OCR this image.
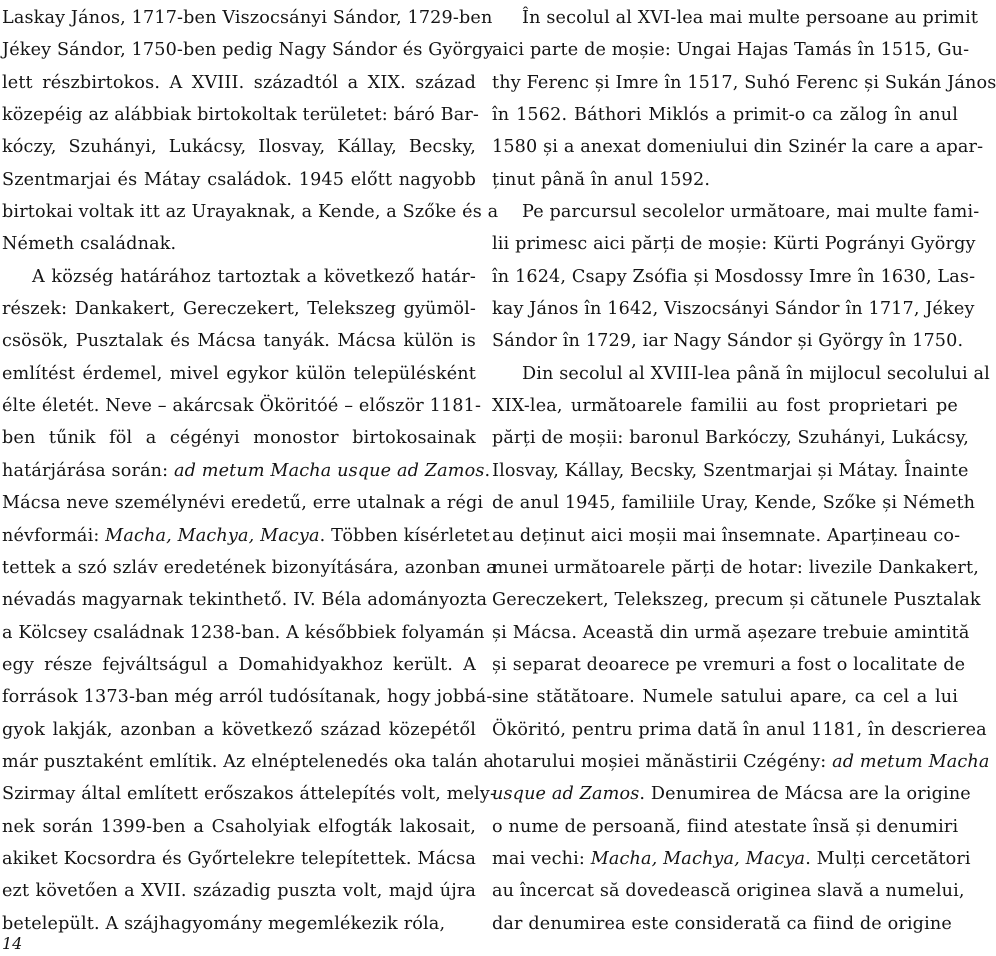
Laskay János, 1717-ben Viszocsányi Sándor, 1729-ben
Jékey Sándor, 1750-ben pedig Nagy Sándor és György
lett részbirtokos. A XVIII. századtól a XIX. század
közepéig az alábbiak birtokoltak területet: báró Bar-
kóczy, Szuhányi, Lukácsy, Ilosvay, Kállay, Becsky,
Szentmarjai és Mátay családok. 1945 előtt nagyobb
birtokai voltak itt az Urayaknak, a Kende, a Szőke és a
Németh családnak.
A község határához tartoztak a következő határ-
részek: Dankakert, Gereczekert, Telekszeg gyümöl-
csösök, Pusztalak és Mácsa tanyák. Mácsa külön is
említést érdemel, mivel egykor külön településként
élte életét. Neve – akárcsak Ököritóé – először 1181-
ben tűnik föl a cégényi monostor birtokosainak
határjárása során: ad metum Macha usque ad Zamos.
Mácsa neve személynévi eredetű, erre utalnak a régi
névformái: Macha, Machya, Macya. Többen kísérletet
tettek a szó szláv eredetének bizonyítására, azonban a
névadás magyarnak tekinthető. IV. Béla adományozta
a Kölcsey családnak 1238-ban. A későbbiek folyamán
egy része fejváltságul a Domahidyakhoz került. A
források 1373-ban még arról tudósítanak, hogy jobbá-
gyok lakják, azonban a következő század közepétől
már pusztaként említik. Az elnéptelenedés oka talán a
Szirmay által említett erőszakos áttelepítés volt, mely-
nek során 1399-ben a Csaholyiak elfogták lakosait,
akiket Kocsordra és Győrtelekre telepítettek. Mácsa
ezt követően a XVII. századig puszta volt, majd újra
betelepült. A szájhagyomány megemlékezik róla,
În secolul al XVI-lea mai multe persoane au primit
aici parte de moșie: Ungai Hajas Tamás în 1515, Gu-
thy Ferenc și Imre în 1517, Suhó Ferenc și Sukán János
în 1562. Báthori Miklós a primit-o ca zălog în anul
1580 și a anexat domeniului din Szinér la care a apar-
ținut până în anul 1592.
Pe parcursul secolelor următoare, mai multe fami-
lii primesc aici părți de moșie: Kürti Pogrányi György
în 1624, Csapy Zsófia și Mosdossy Imre în 1630, Las-
kay János în 1642, Viszocsányi Sándor în 1717, Jékey
Sándor în 1729, iar Nagy Sándor și György în 1750.
Din secolul al XVIII-lea până în mijlocul secolului al
XIX-lea, următoarele familii au fost proprietari pe
părți de moșii: baronul Barkóczy, Szuhányi, Lukácsy,
Ilosvay, Kállay, Becsky, Szentmarjai și Mátay. Înainte
de anul 1945, familiile Uray, Kende, Szőke și Németh
au deținut aici moșii mai însemnate. Aparțineau co-
munei următoarele părți de hotar: livezile Dankakert,
Gereczekert, Telekszeg, precum și cătunele Pusztalak
și Mácsa. Această din urmă așezare trebuie amintită
și separat deoarece pe vremuri a fost o localitate de
sine stătătoare. Numele satului apare, ca cel a lui
Ököritó, pentru prima dată în anul 1181, în descrierea
hotarului moșiei mănăstirii Czégény: ad metum Macha
usque ad Zamos. Denumirea de Mácsa are la origine
o nume de persoană, fiind atestate însă și denumiri
mai vechi: Macha, Machya, Macya. Mulți cercetători
au încercat să dovedească originea slavă a numelui,
dar denumirea este considerată ca fiind de origine
14
